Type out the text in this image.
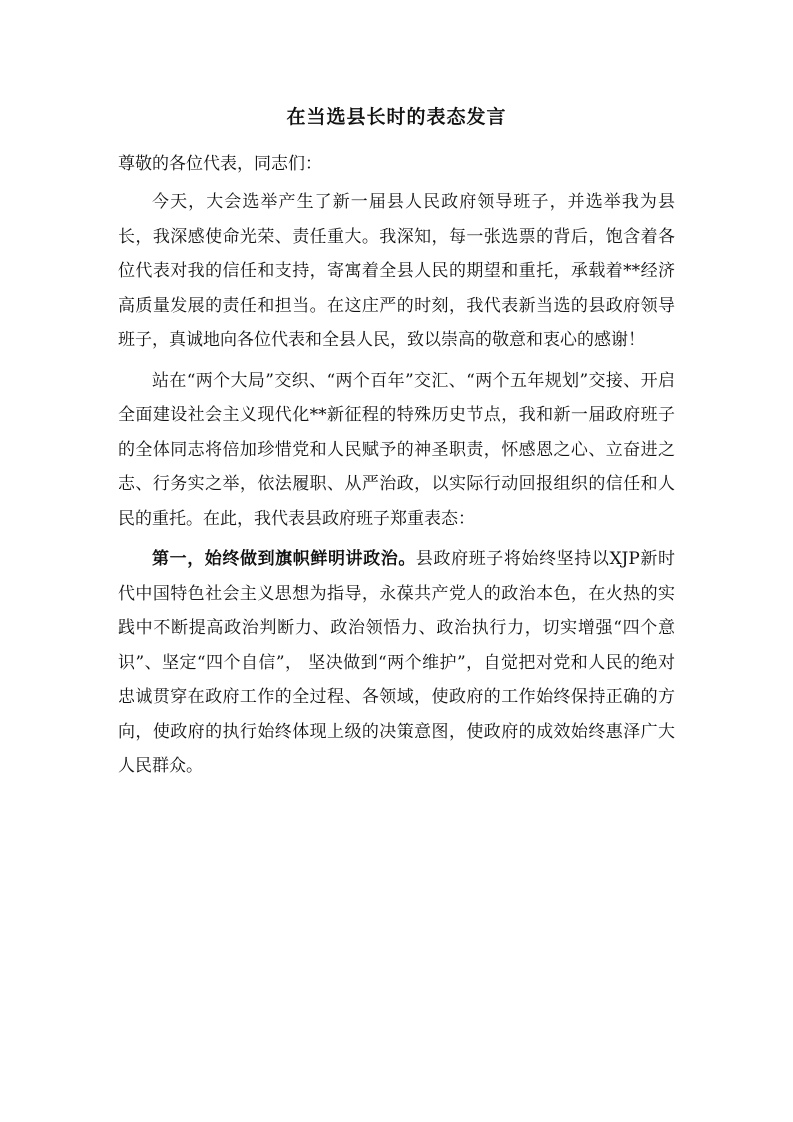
在当选县长时的表态发言

尊敬的各位代表，同志们：

今天，大会选举产生了新一届县人民政府领导班子，并选举我为县长，我深感使命光荣、责任重大。我深知，每一张选票的背后，饱含着各位代表对我的信任和支持，寄寓着全县人民的期望和重托，承载着**经济高质量发展的责任和担当。在这庄严的时刻，我代表新当选的县政府领导班子，真诚地向各位代表和全县人民，致以崇高的敬意和衷心的感谢！

站在“两个大局”交织、“两个百年”交汇、“两个五年规划”交接、开启全面建设社会主义现代化**新征程的特殊历史节点，我和新一届政府班子的全体同志将倍加珍惜党和人民赋予的神圣职责，怀感恩之心、立奋进之志、行务实之举，依法履职、从严治政，以实际行动回报组织的信任和人民的重托。在此，我代表县政府班子郑重表态：

第一，始终做到旗帜鲜明讲政治。县政府班子将始终坚持以XJP新时代中国特色社会主义思想为指导，永葆共产党人的政治本色，在火热的实践中不断提高政治判断力、政治领悟力、政治执行力，切实增强“四个意识”、坚定“四个自信”， 坚决做到“两个维护”，自觉把对党和人民的绝对忠诚贯穿在政府工作的全过程、各领域，使政府的工作始终保持正确的方向，使政府的执行始终体现上级的决策意图，使政府的成效始终惠泽广大人民群众。
